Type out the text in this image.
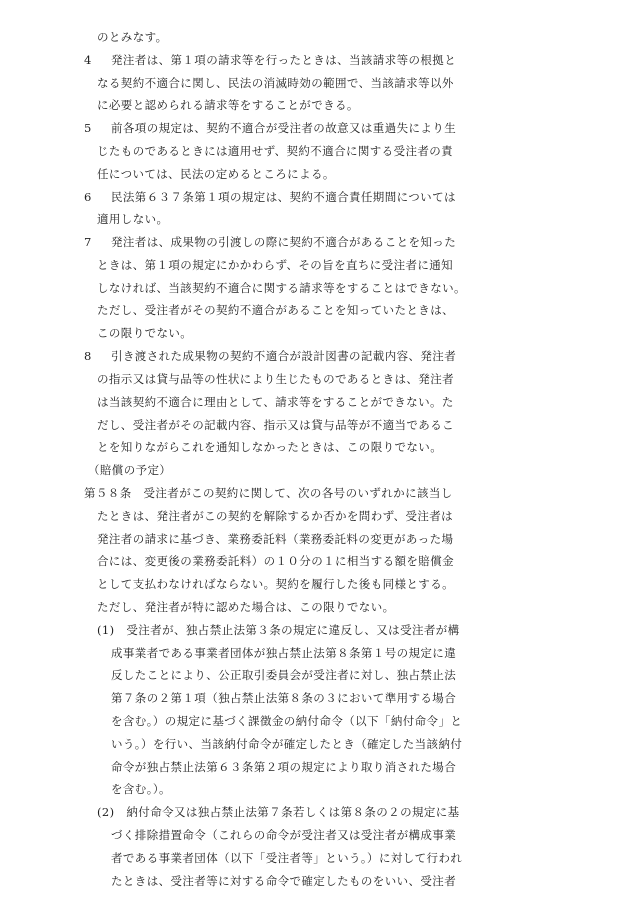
のとみなす。
4 発注者は、第１項の請求等を行ったときは、当該請求等の根拠と
なる契約不適合に関し、民法の消滅時効の範囲で、当該請求等以外
に必要と認められる請求等をすることができる。
5 前各項の規定は、契約不適合が受注者の故意又は重過失により生
じたものであるときには適用せず、契約不適合に関する受注者の責
任については、民法の定めるところによる。
6 民法第６３７条第１項の規定は、契約不適合責任期間については
適用しない。
7 発注者は、成果物の引渡しの際に契約不適合があることを知った
ときは、第１項の規定にかかわらず、その旨を直ちに受注者に通知
しなければ、当該契約不適合に関する請求等をすることはできない。
ただし、受注者がその契約不適合があることを知っていたときは、
この限りでない。
8 引き渡された成果物の契約不適合が設計図書の記載内容、発注者
の指示又は貸与品等の性状により生じたものであるときは、発注者
は当該契約不適合に理由として、請求等をすることができない。た
だし、受注者がその記載内容、指示又は貸与品等が不適当であるこ
とを知りながらこれを通知しなかったときは、この限りでない。
（賠償の予定）
第５８条　受注者がこの契約に関して、次の各号のいずれかに該当し
たときは、発注者がこの契約を解除するか否かを問わず、受注者は
発注者の請求に基づき、業務委託料（業務委託料の変更があった場
合には、変更後の業務委託料）の１０分の１に相当する額を賠償金
として支払わなければならない。契約を履行した後も同様とする。
ただし、発注者が特に認めた場合は、この限りでない。
(1)　受注者が、独占禁止法第３条の規定に違反し、又は受注者が構
成事業者である事業者団体が独占禁止法第８条第１号の規定に違
反したことにより、公正取引委員会が受注者に対し、独占禁止法
第７条の２第１項（独占禁止法第８条の３において準用する場合
を含む。）の規定に基づく課徴金の納付命令（以下「納付命令」と
いう。）を行い、当該納付命令が確定したとき（確定した当該納付
命令が独占禁止法第６３条第２項の規定により取り消された場合
を含む。）。
(2)　納付命令又は独占禁止法第７条若しくは第８条の２の規定に基
づく排除措置命令（これらの命令が受注者又は受注者が構成事業
者である事業者団体（以下「受注者等」という。）に対して行われ
たときは、受注者等に対する命令で確定したものをいい、受注者
